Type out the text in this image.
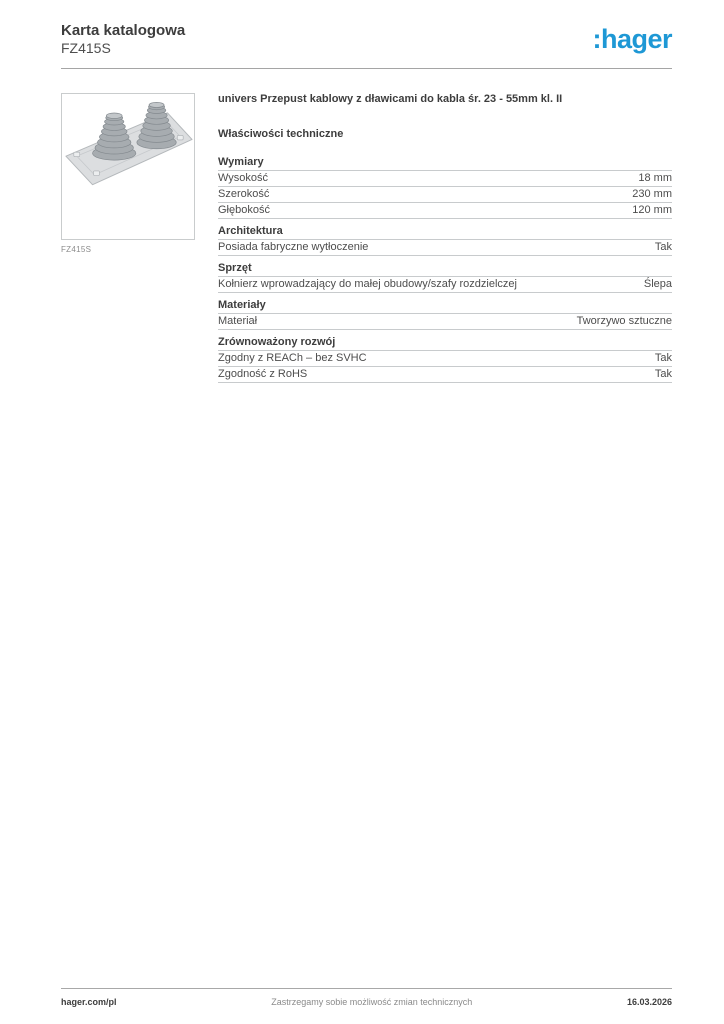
Karta katalogowa
FZ415S	:hager
FZ415S
univers Przepust kablowy z dławicami do kabla śr. 23 - 55mm kl. II
Właściwości techniczne
Wymiary
Wysokość	18 mm
Szerokość	230 mm
Głębokość	120 mm
Architektura
Posiada fabryczne wytłoczenie	Tak
Sprzęt
Kołnierz wprowadzający do małej obudowy/szafy rozdzielczej	Ślepa
Materiały
Materiał	Tworzywo sztuczne
Zrównoważony rozwój
Zgodny z REACh – bez SVHC	Tak
Zgodność z RoHS	Tak
hager.com/pl	Zastrzegamy sobie możliwość zmian technicznych	16.03.2026
